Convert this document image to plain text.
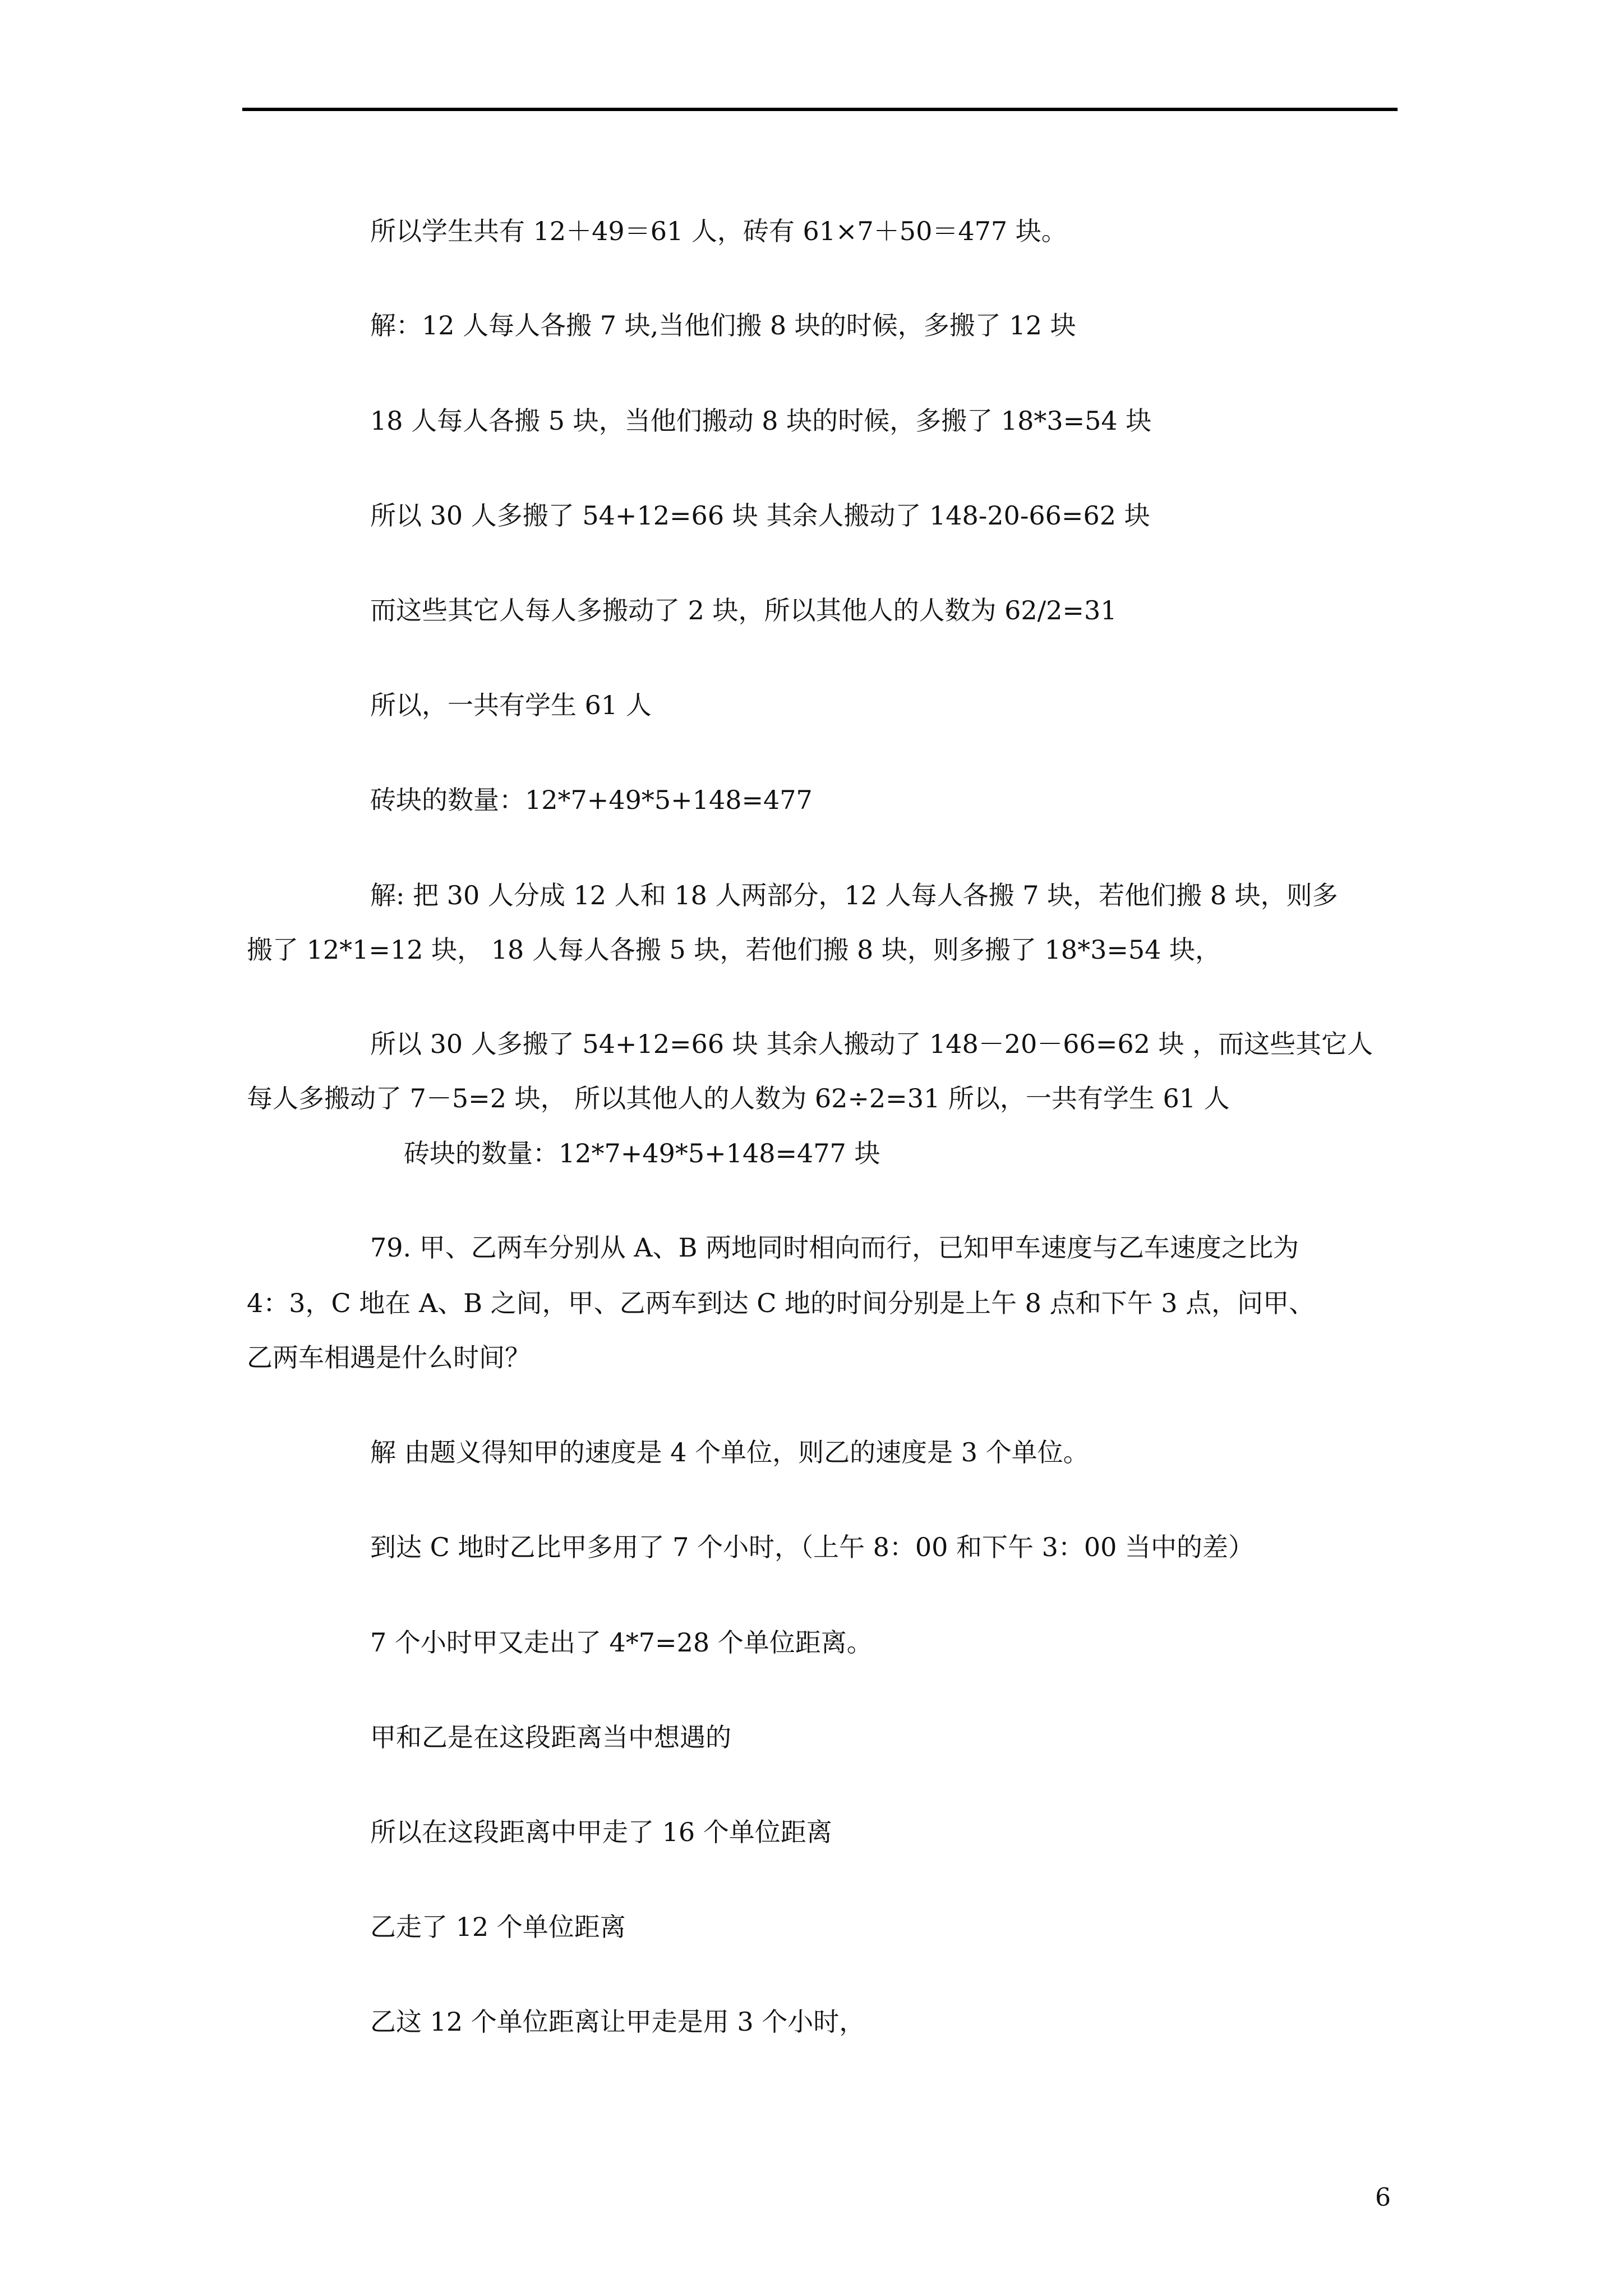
所以学生共有 12＋49＝61 人，砖有 61×7＋50＝477 块。
解：12 人每人各搬 7 块,当他们搬 8 块的时候，多搬了 12 块
18 人每人各搬 5 块，当他们搬动 8 块的时候，多搬了 18*3=54 块
所以 30 人多搬了 54+12=66 块 其余人搬动了 148-20-66=62 块
而这些其它人每人多搬动了 2 块，所以其他人的人数为 62/2=31
所以，一共有学生 61 人
砖块的数量：12*7+49*5+148=477
解: 把 30 人分成 12 人和 18 人两部分，12 人每人各搬 7 块，若他们搬 8 块，则多
搬了 12*1=12 块， 18 人每人各搬 5 块，若他们搬 8 块，则多搬了 18*3=54 块，
所以 30 人多搬了 54+12=66 块 其余人搬动了 148－20－66=62 块 ，而这些其它人
每人多搬动了 7－5=2 块， 所以其他人的人数为 62÷2=31 所以，一共有学生 61 人
砖块的数量：12*7+49*5+148=477 块
79. 甲、乙两车分别从 A、B 两地同时相向而行，已知甲车速度与乙车速度之比为
4：3，C 地在 A、B 之间，甲、乙两车到达 C 地的时间分别是上午 8 点和下午 3 点，问甲、
乙两车相遇是什么时间？
解 由题义得知甲的速度是 4 个单位，则乙的速度是 3 个单位。
到达 C 地时乙比甲多用了 7 个小时，（上午 8：00 和下午 3：00 当中的差）
7 个小时甲又走出了 4*7=28 个单位距离。
甲和乙是在这段距离当中想遇的
所以在这段距离中甲走了 16 个单位距离
乙走了 12 个单位距离
乙这 12 个单位距离让甲走是用 3 个小时，
6
